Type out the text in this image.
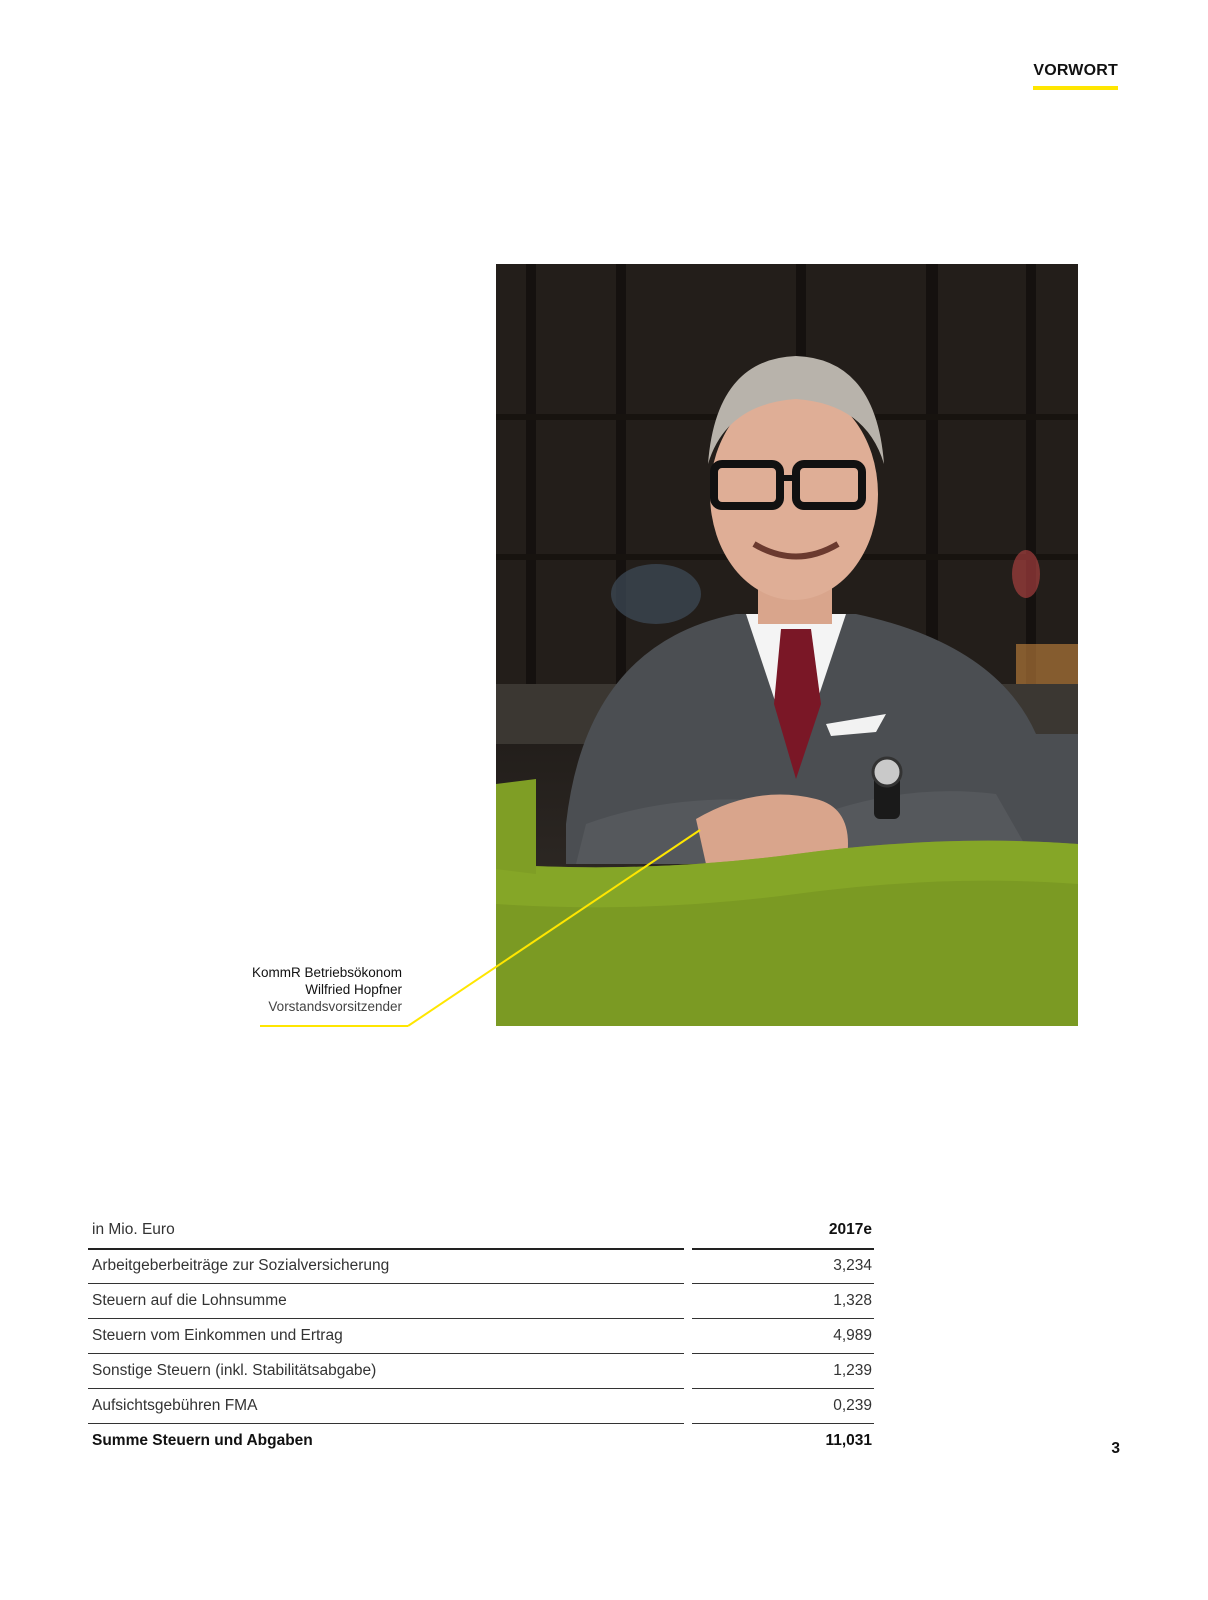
VORWORT
KommR Betriebsökonom
Wilfried Hopfner
Vorstandsvorsitzender
in Mio. Euro	2017e
Arbeitgeberbeiträge zur Sozialversicherung	3,234
Steuern auf die Lohnsumme	1,328
Steuern vom Einkommen und Ertrag	4,989
Sonstige Steuern (inkl. Stabilitätsabgabe)	1,239
Aufsichtsgebühren FMA	0,239
Summe Steuern und Abgaben	11,031	3
